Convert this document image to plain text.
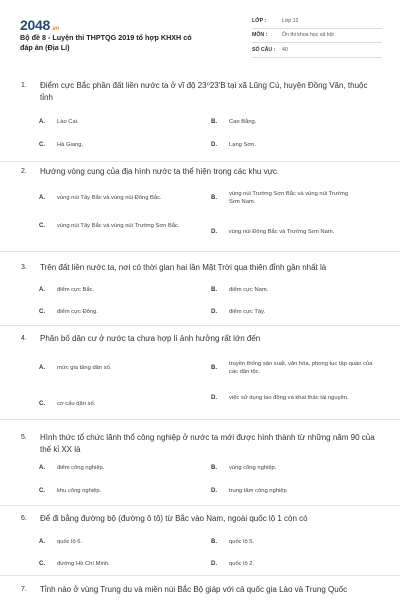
2048.vn
Bộ đề 8 - Luyện thi THPTQG 2019 tổ hợp KHXH có đáp án (Địa Lí)
LỚP :	Lớp 12
MÔN :	Ôn thi khoa học xã hội
SỐ CÂU :	40
1. Điểm cực Bắc phần đất liền nước ta ở vĩ độ 23⁰23'B tại xã Lũng Cú, huyện Đồng Văn, thuộc tỉnh
A.	Lào Cai.	B.	Cao Bằng.
C.	Hà Giang.	D.	Lạng Sơn.
2. Hướng vòng cung của địa hình nước ta thể hiện trong các khu vực.
A.	vùng núi Tây Bắc và vùng núi Đông Bắc.	B.
vùng núi Trường Sơn Bắc và vùng núi Trường Sơn Nam.
C.	vùng núi Tây Bắc và vùng núi Trường Sơn Bắc.
D.	vùng núi Đông Bắc và Trường Sơn Nam.
3. Trên đất liền nước ta, nơi có thời gian hai lần Mặt Trời qua thiên đỉnh gần nhất là
A.	điểm cực Bắc.	B.	điểm cực Nam.
C.	điểm cực Đông.	D.	điểm cực Tây.
4. Phân bố dân cư ở nước ta chưa hợp lí ảnh hưởng rất lớn đến
A.	mức gia tăng dân số.	B.
truyền thống sản xuất, văn hóa, phong tục tập quán của các dân tộc.
C.	cơ cấu dân số.
D.	việc sử dụng lao động và khai thác tài nguyên.
5. Hình thức tổ chức lãnh thổ công nghiệp ở nước ta mới được hình thành từ những năm 90 của thế kỉ XX là
A.	điểm công nghiệp.	B.	vùng công nghiệp.
C.	khu công nghiệp.	D.	trung tâm công nghiệp
6. Để đi bằng đường bộ (đường ô tô) từ Bắc vào Nam, ngoài quốc lộ 1 còn có
A.	quốc lộ 6.	B.	quốc lộ 5.
C.	đường Hồ Chí Minh.	D.	quốc lộ 2.
7. Tỉnh nào ở vùng Trung du và miền núi Bắc Bộ giáp với cả quốc gia Lào và Trung Quốc
